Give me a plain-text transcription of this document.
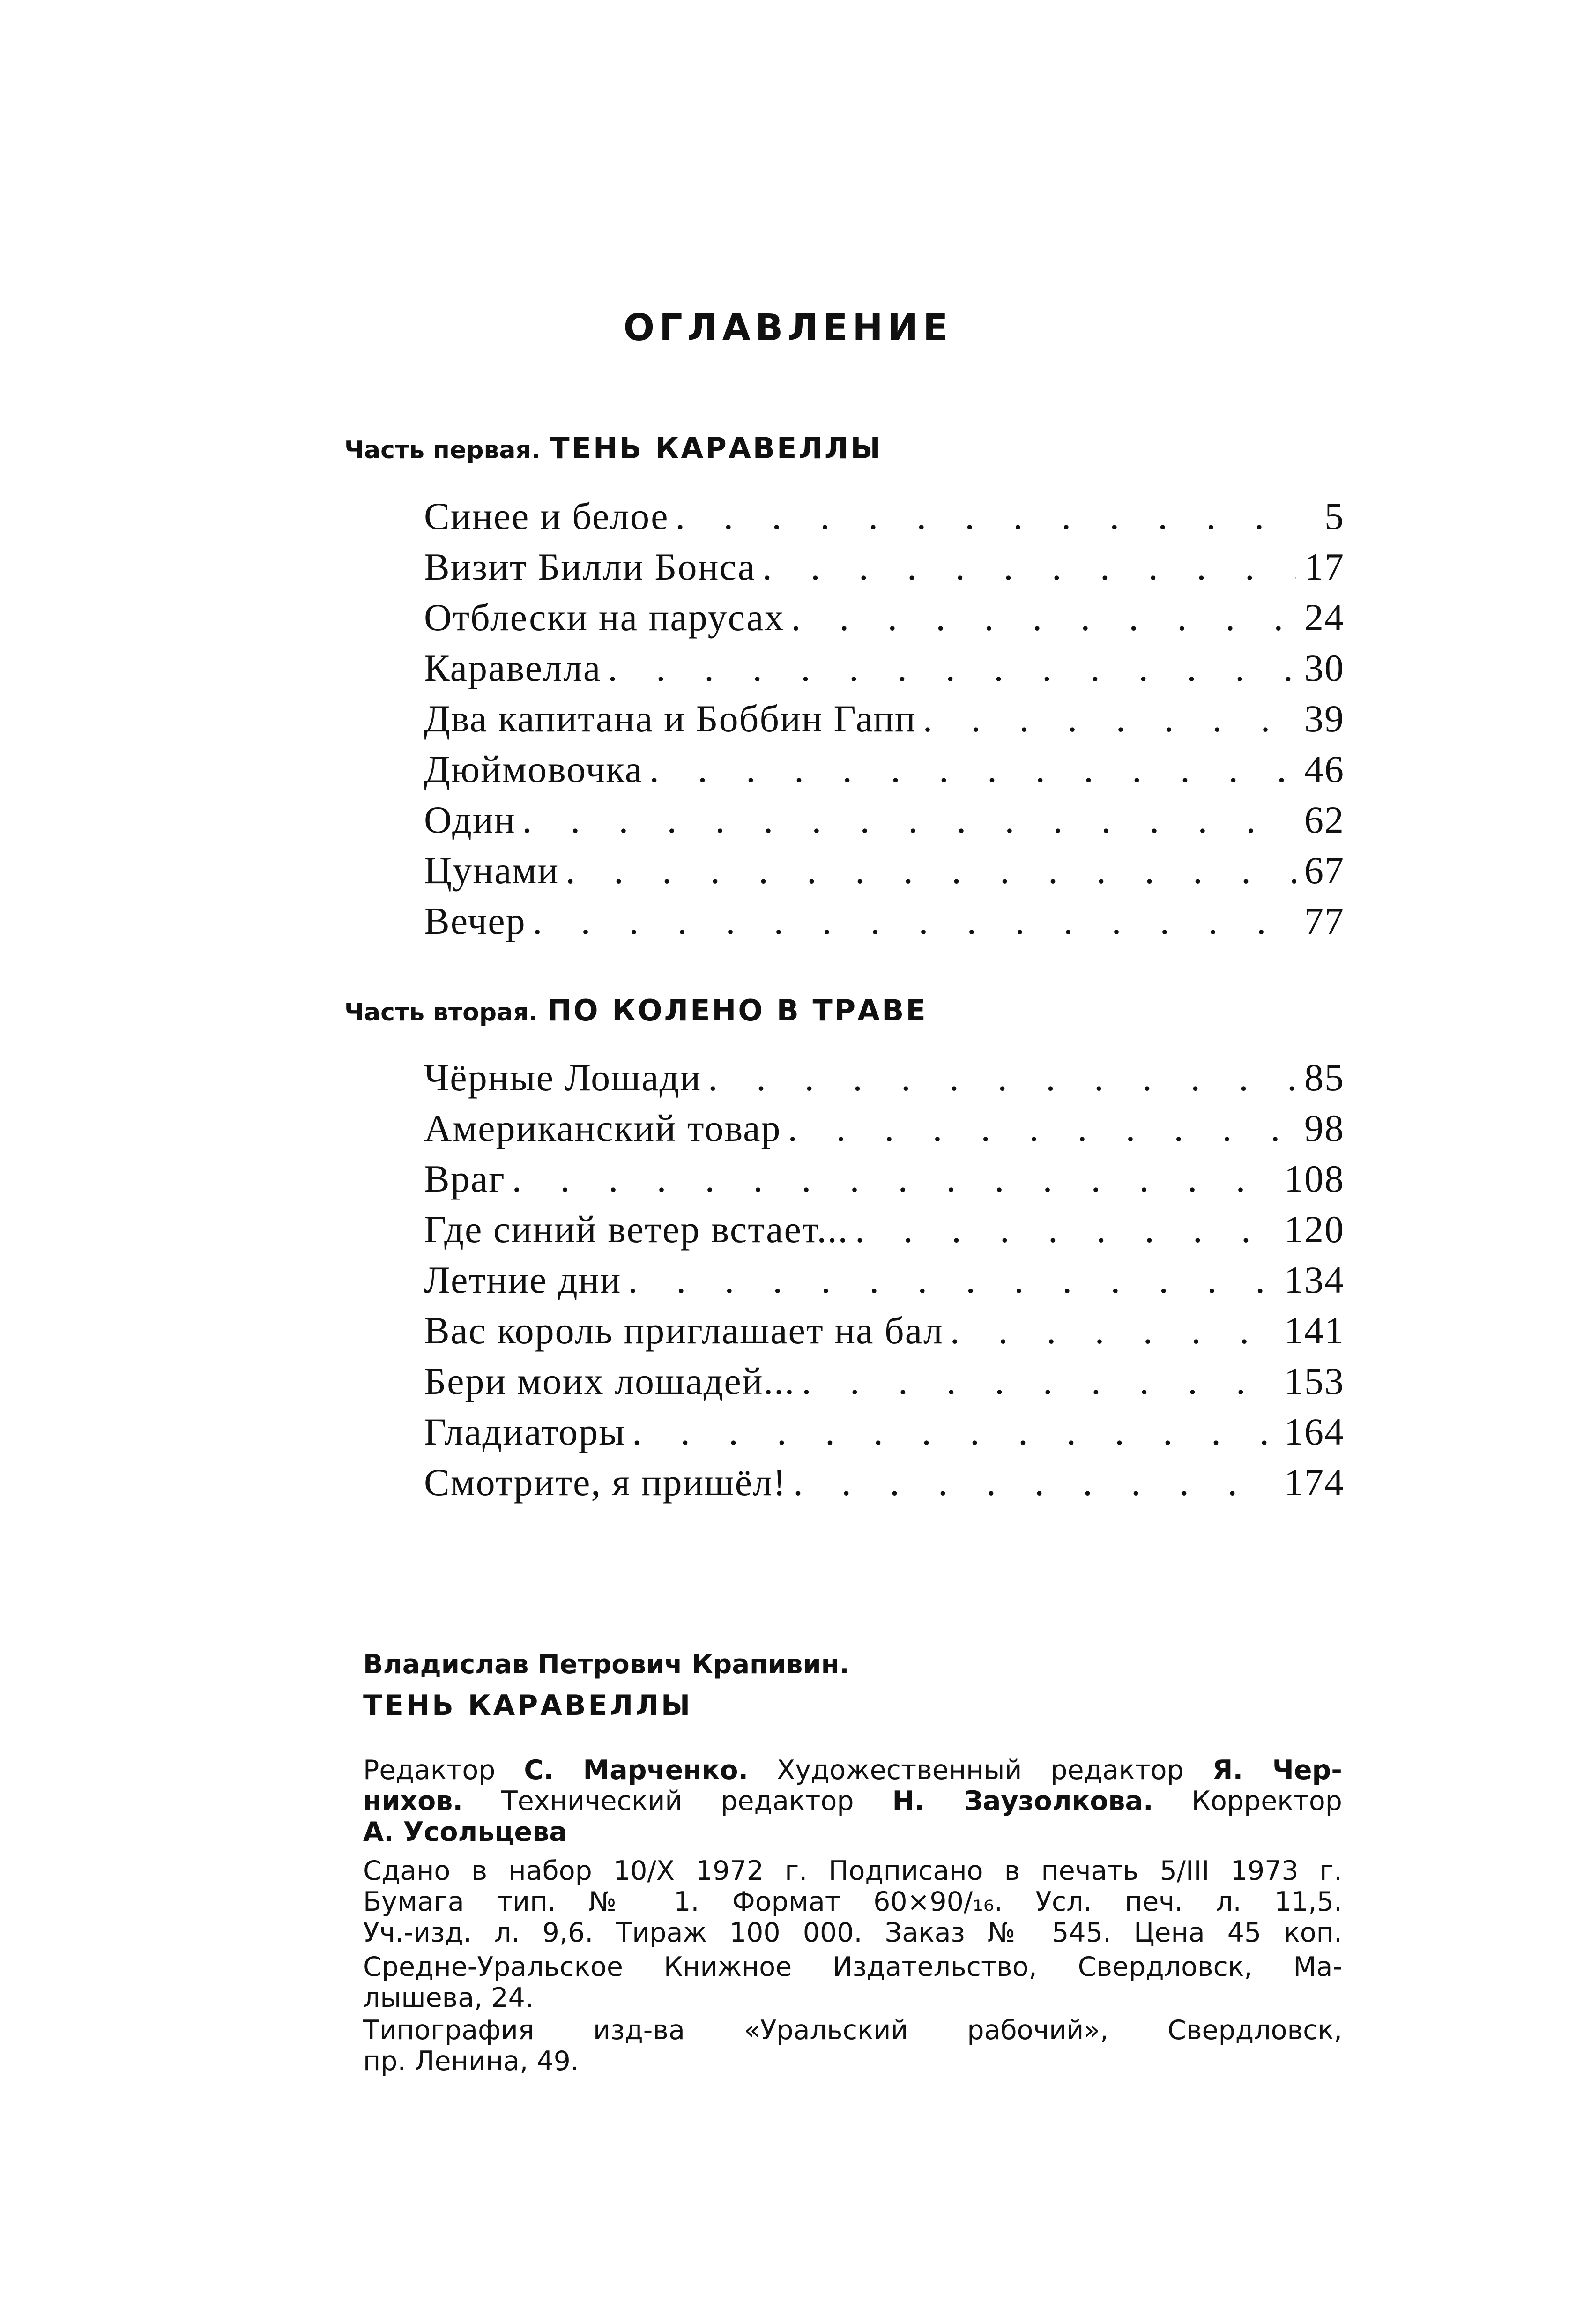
ОГЛАВЛЕНИЕ
Часть первая. ТЕНЬ КАРАВЕЛЛЫ
Синее и белое . . .	5
Визит Билли Бонса . . .	17
Отблески на парусах . . .	24
Каравелла . . .	30
Два капитана и Боббин Гапп . . .	39
Дюймовочка . . .	46
Один . . .	62
Цунами . . .	67
Вечер . . .	77
Часть вторая. ПО КОЛЕНО В ТРАВЕ
Чёрные Лошади . . .	85
Американский товар . . .	98
Враг . . .	108
Где синий ветер встает... . . .	120
Летние дни . . .	134
Вас король приглашает на бал . . .	141
Бери моих лошадей... . . .	153
Гладиаторы . . .	164
Смотрите, я пришёл! . . .	174
Владислав Петрович Крапивин.
ТЕНЬ КАРАВЕЛЛЫ
Редактор С. Марченко. Художественный редактор Я. Чер-
нихов. Технический редактор Н. Заузолкова. Корректор
А. Усольцева
Сдано в набор 10/X 1972 г. Подписано в печать 5/III 1973 г.
Бумага тип. № 1. Формат 60×90/₁₆. Усл. печ. л. 11,5.
Уч.-изд. л. 9,6. Тираж 100 000. Заказ № 545. Цена 45 коп.
Средне-Уральское Книжное Издательство, Свердловск, Ма-
лышева, 24.
Типография изд-ва «Уральский рабочий», Свердловск,
пр. Ленина, 49.
